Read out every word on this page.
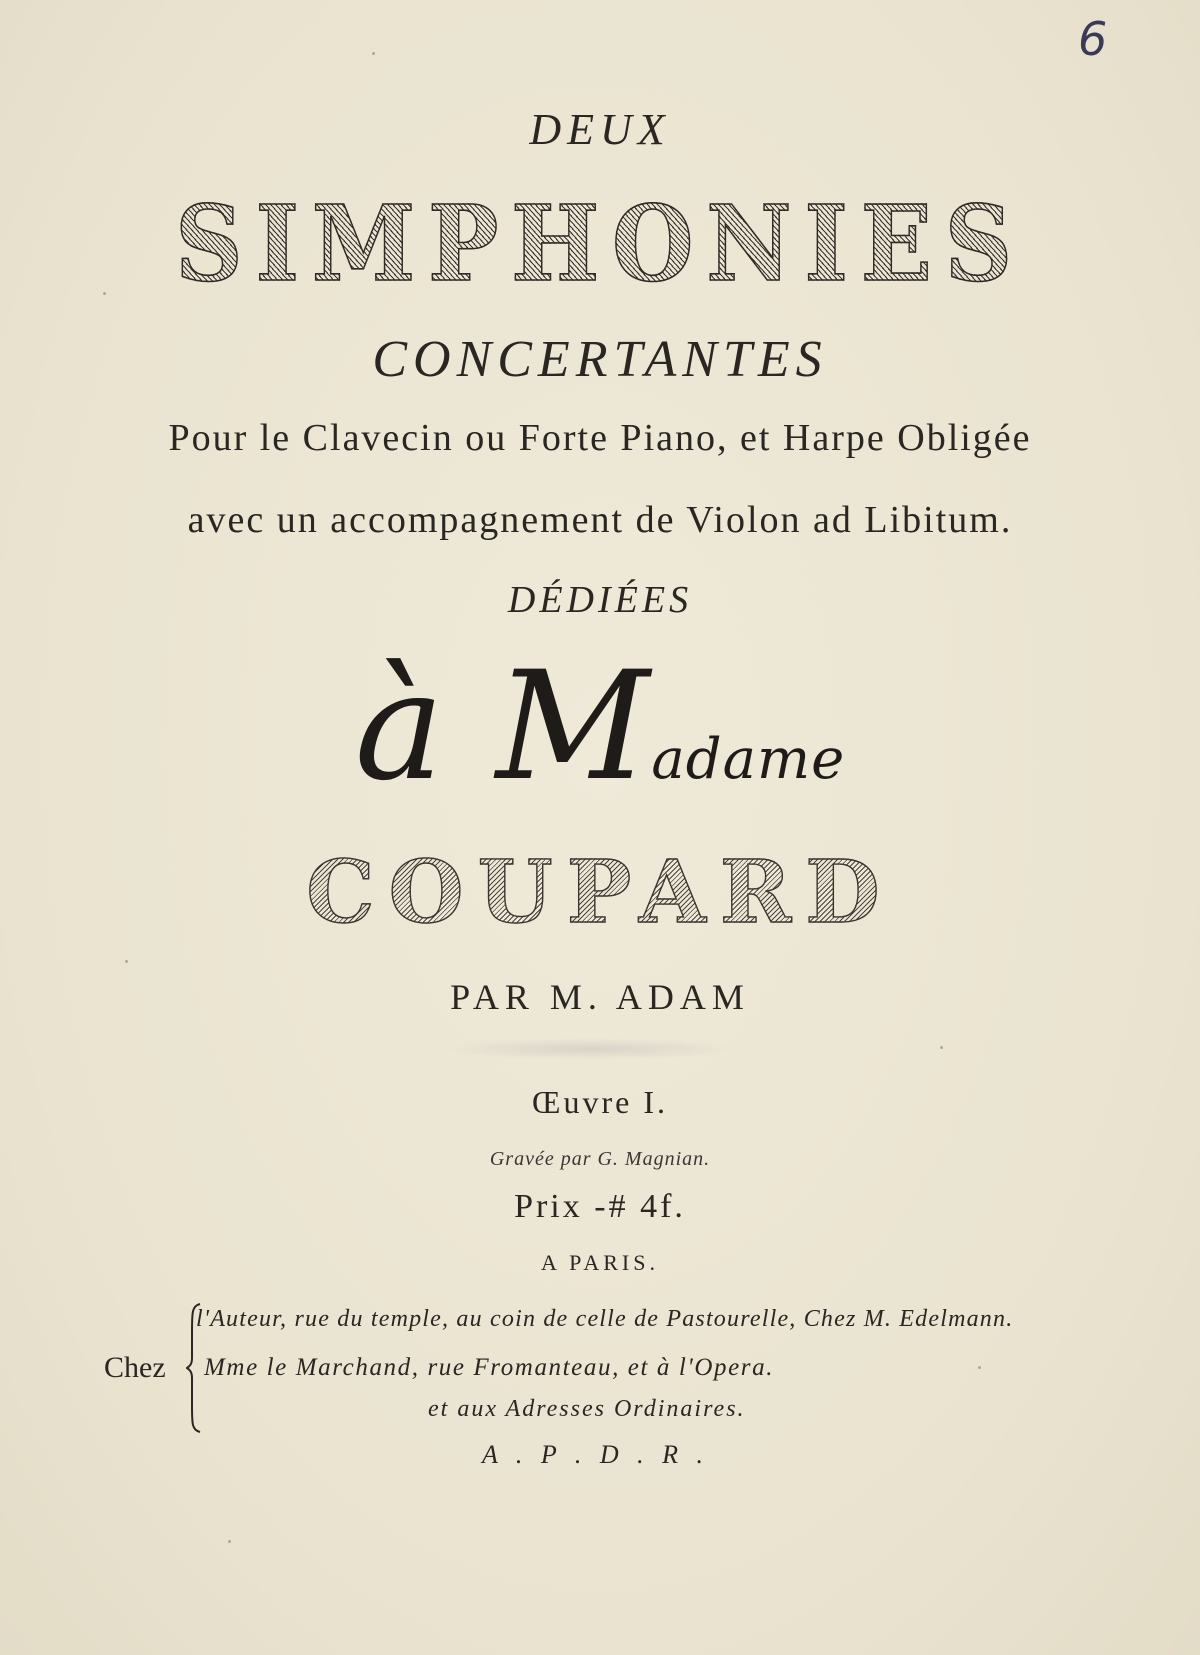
6
DEUX
SIMPHONIES
CONCERTANTES
Pour le Clavecin ou Forte Piano, et Harpe Obligée
avec un accompagnement de Violon ad Libitum.
DÉDIÉES
à Madame
COUPARD
PAR M. ADAM
Œuvre I.
Gravée par G. Magnian.
Prix -# 4f.
A PARIS.
Chez
l'Auteur, rue du temple, au coin de celle de Pastourelle, Chez M. Edelmann.
Mme le Marchand, rue Fromanteau, et à l'Opera.
et aux Adresses Ordinaires.
A . P . D . R .
